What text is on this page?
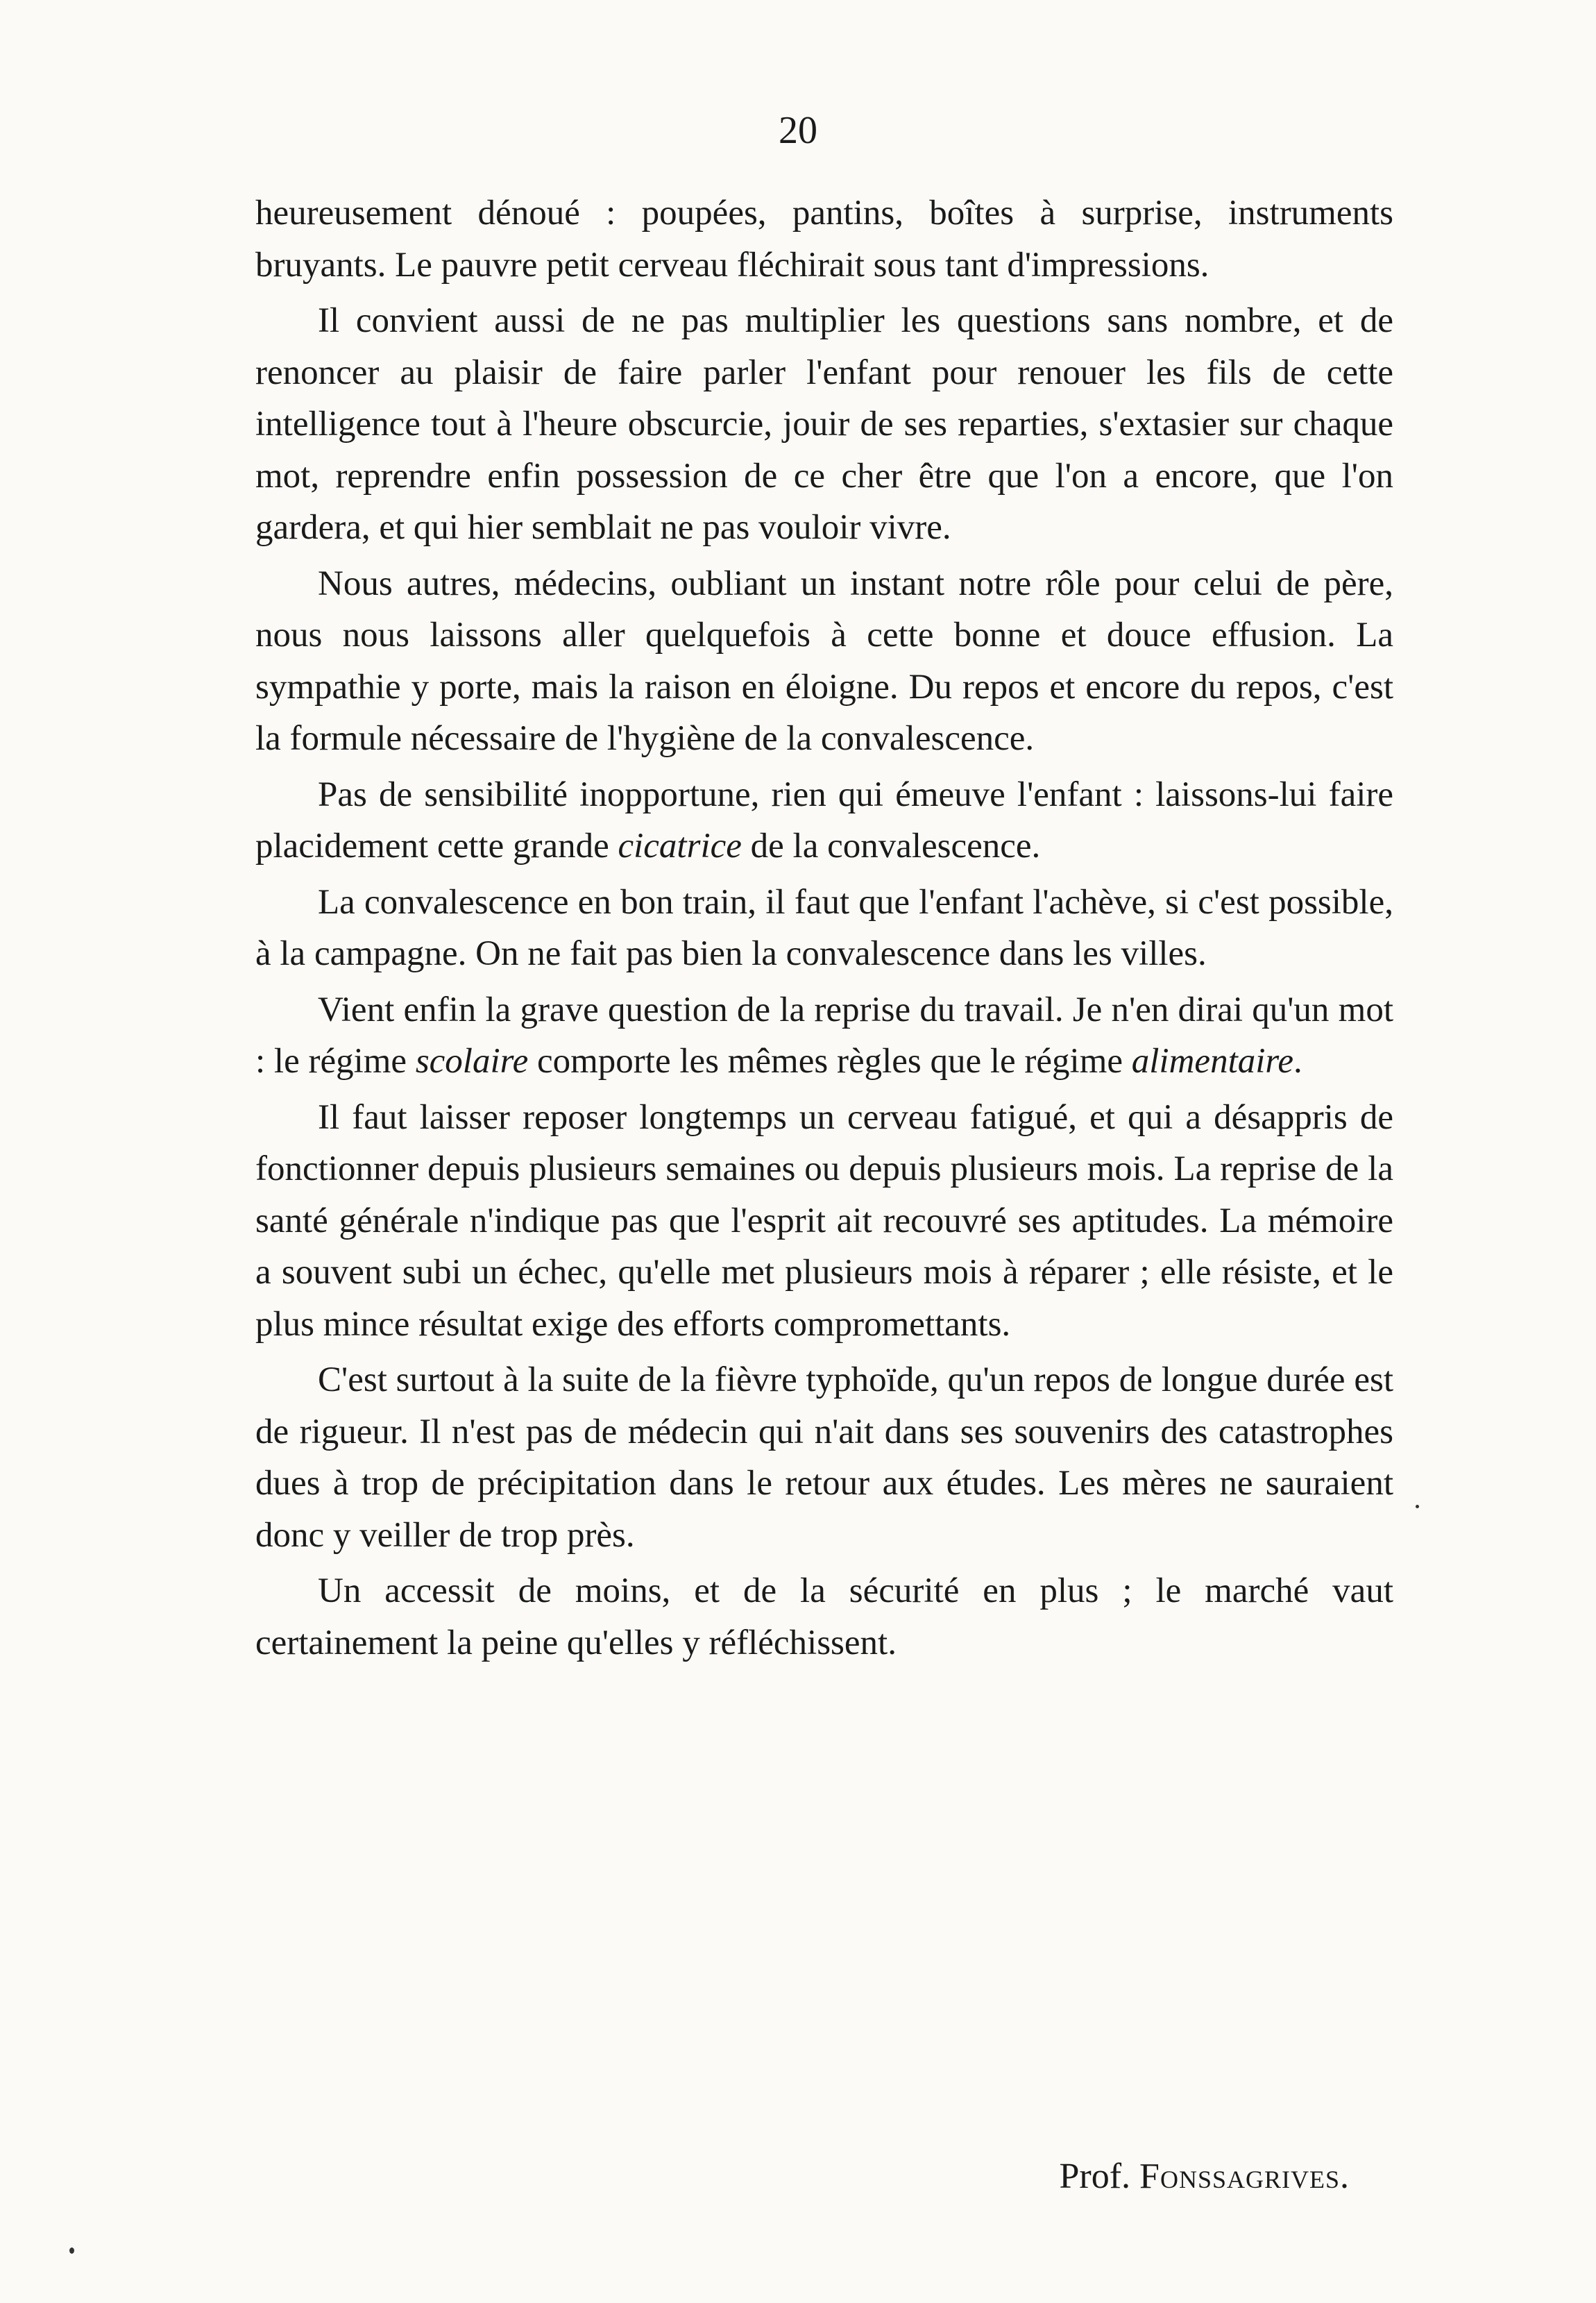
20

heureusement dénoué : poupées, pantins, boîtes à surprise, instruments bruyants. Le pauvre petit cerveau fléchirait sous tant d'impressions.

Il convient aussi de ne pas multiplier les questions sans nombre, et de renoncer au plaisir de faire parler l'enfant pour renouer les fils de cette intelligence tout à l'heure obscurcie, jouir de ses reparties, s'extasier sur chaque mot, reprendre enfin possession de ce cher être que l'on a encore, que l'on gardera, et qui hier semblait ne pas vouloir vivre.

Nous autres, médecins, oubliant un instant notre rôle pour celui de père, nous nous laissons aller quelquefois à cette bonne et douce effusion. La sympathie y porte, mais la raison en éloigne. Du repos et encore du repos, c'est la formule nécessaire de l'hygiène de la convalescence.

Pas de sensibilité inopportune, rien qui émeuve l'enfant : laissons-lui faire placidement cette grande cicatrice de la convalescence.

La convalescence en bon train, il faut que l'enfant l'achève, si c'est possible, à la campagne. On ne fait pas bien la convalescence dans les villes.

Vient enfin la grave question de la reprise du travail. Je n'en dirai qu'un mot : le régime scolaire comporte les mêmes règles que le régime alimentaire.

Il faut laisser reposer longtemps un cerveau fatigué, et qui a désappris de fonctionner depuis plusieurs semaines ou depuis plusieurs mois. La reprise de la santé générale n'indique pas que l'esprit ait recouvré ses aptitudes. La mémoire a souvent subi un échec, qu'elle met plusieurs mois à réparer ; elle résiste, et le plus mince résultat exige des efforts compromettants.

C'est surtout à la suite de la fièvre typhoïde, qu'un repos de longue durée est de rigueur. Il n'est pas de médecin qui n'ait dans ses souvenirs des catastrophes dues à trop de précipitation dans le retour aux études. Les mères ne sauraient donc y veiller de trop près.

Un accessit de moins, et de la sécurité en plus ; le marché vaut certainement la peine qu'elles y réfléchissent.

Prof. Fonssagrives.
